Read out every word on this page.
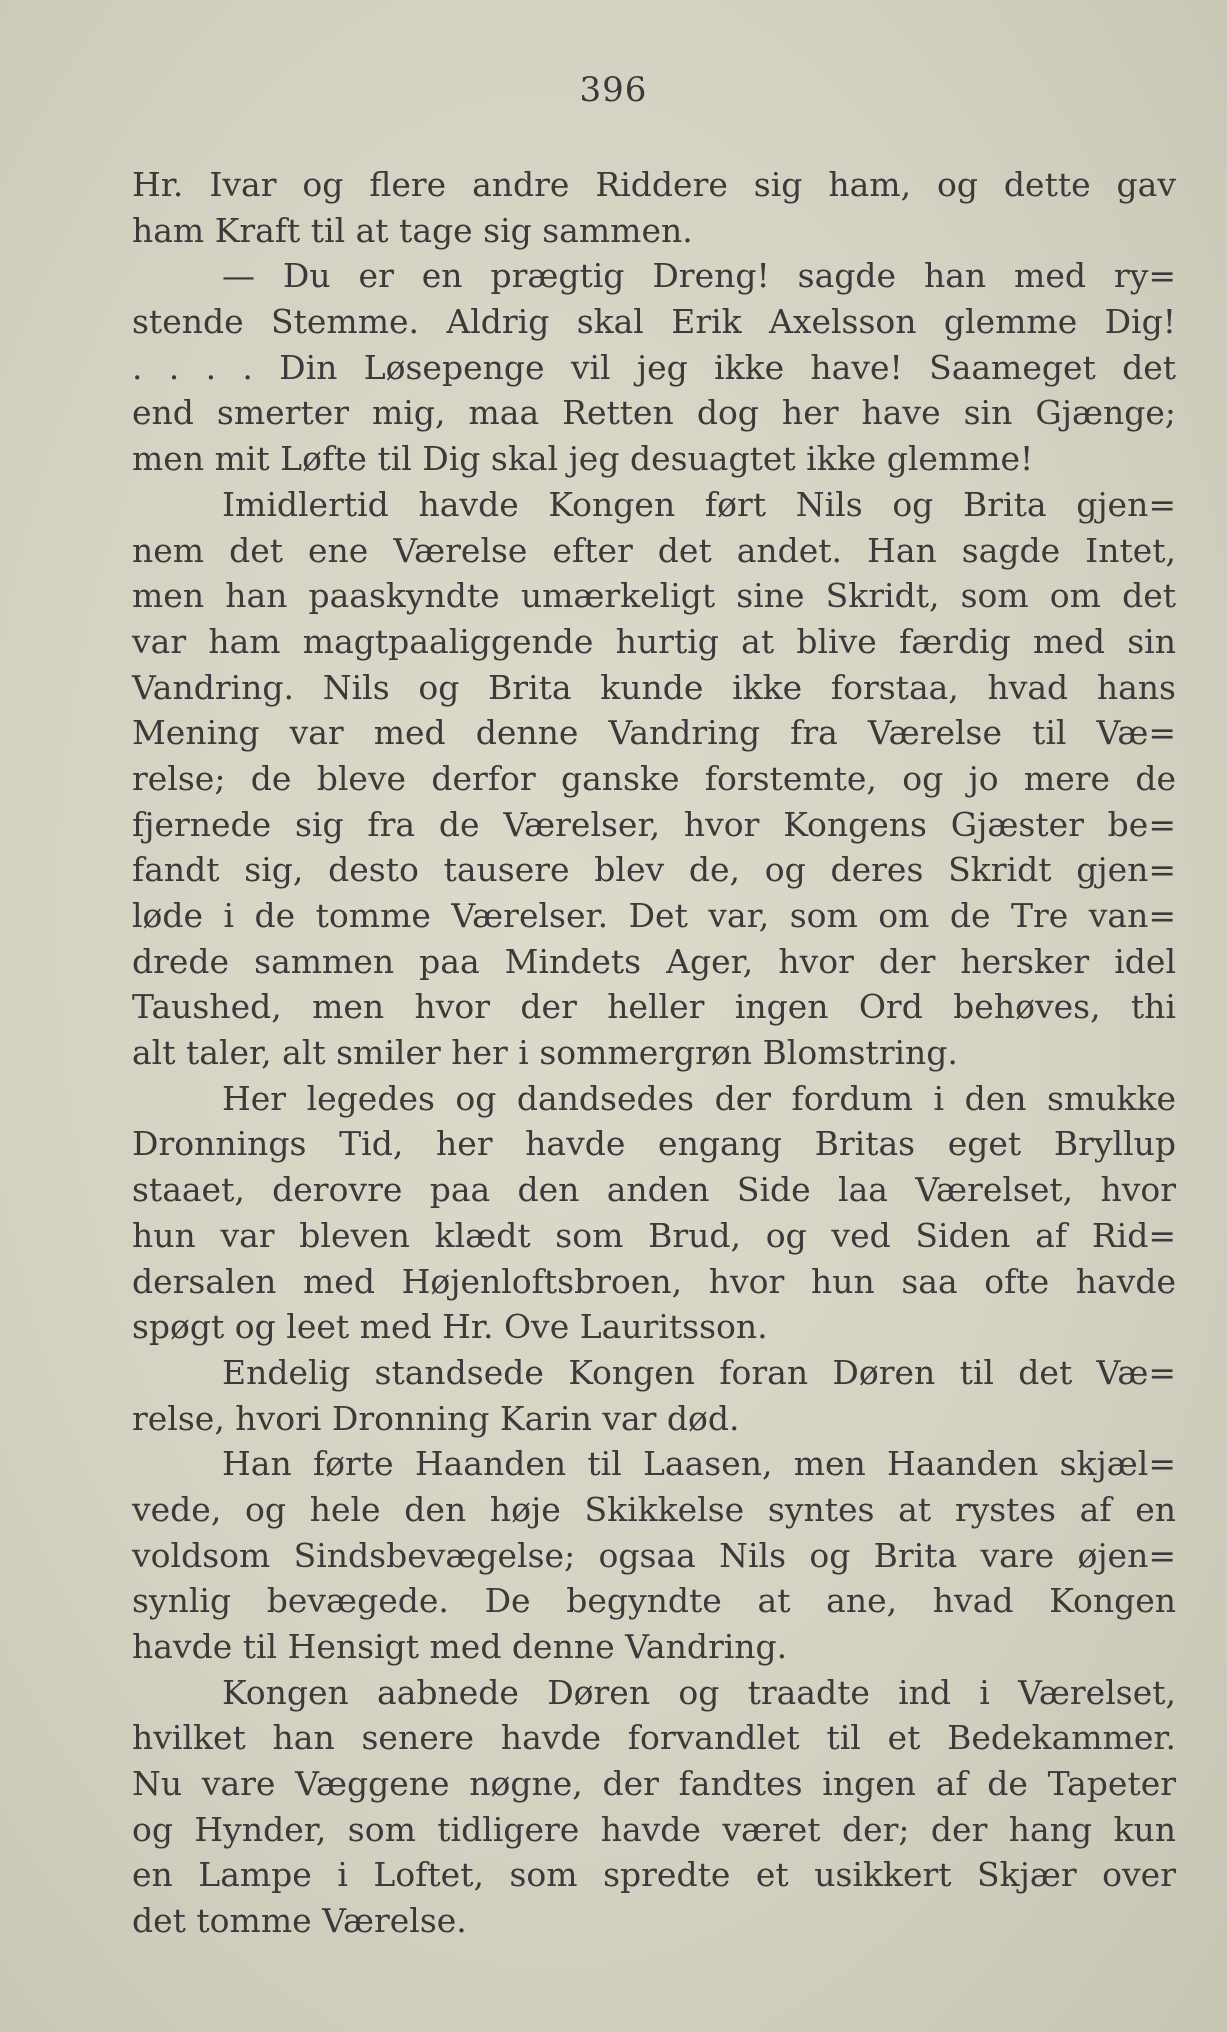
396
Hr. Ivar og flere andre Riddere sig ham, og dette gav
ham Kraft til at tage sig sammen.
— Du er en prægtig Dreng! sagde han med ry=
stende Stemme. Aldrig skal Erik Axelsson glemme Dig!
. . . . Din Løsepenge vil jeg ikke have! Saameget det
end smerter mig, maa Retten dog her have sin Gjænge;
men mit Løfte til Dig skal jeg desuagtet ikke glemme!
Imidlertid havde Kongen ført Nils og Brita gjen=
nem det ene Værelse efter det andet. Han sagde Intet,
men han paaskyndte umærkeligt sine Skridt, som om det
var ham magtpaaliggende hurtig at blive færdig med sin
Vandring. Nils og Brita kunde ikke forstaa, hvad hans
Mening var med denne Vandring fra Værelse til Væ=
relse; de bleve derfor ganske forstemte, og jo mere de
fjernede sig fra de Værelser, hvor Kongens Gjæster be=
fandt sig, desto tausere blev de, og deres Skridt gjen=
løde i de tomme Værelser. Det var, som om de Tre van=
drede sammen paa Mindets Ager, hvor der hersker idel
Taushed, men hvor der heller ingen Ord behøves, thi
alt taler, alt smiler her i sommergrøn Blomstring.
Her legedes og dandsedes der fordum i den smukke
Dronnings Tid, her havde engang Britas eget Bryllup
staaet, derovre paa den anden Side laa Værelset, hvor
hun var bleven klædt som Brud, og ved Siden af Rid=
dersalen med Højenloftsbroen, hvor hun saa ofte havde
spøgt og leet med Hr. Ove Lauritsson.
Endelig standsede Kongen foran Døren til det Væ=
relse, hvori Dronning Karin var død.
Han førte Haanden til Laasen, men Haanden skjæl=
vede, og hele den høje Skikkelse syntes at rystes af en
voldsom Sindsbevægelse; ogsaa Nils og Brita vare øjen=
synlig bevægede. De begyndte at ane, hvad Kongen
havde til Hensigt med denne Vandring.
Kongen aabnede Døren og traadte ind i Værelset,
hvilket han senere havde forvandlet til et Bedekammer.
Nu vare Væggene nøgne, der fandtes ingen af de Tapeter
og Hynder, som tidligere havde været der; der hang kun
en Lampe i Loftet, som spredte et usikkert Skjær over
det tomme Værelse.
